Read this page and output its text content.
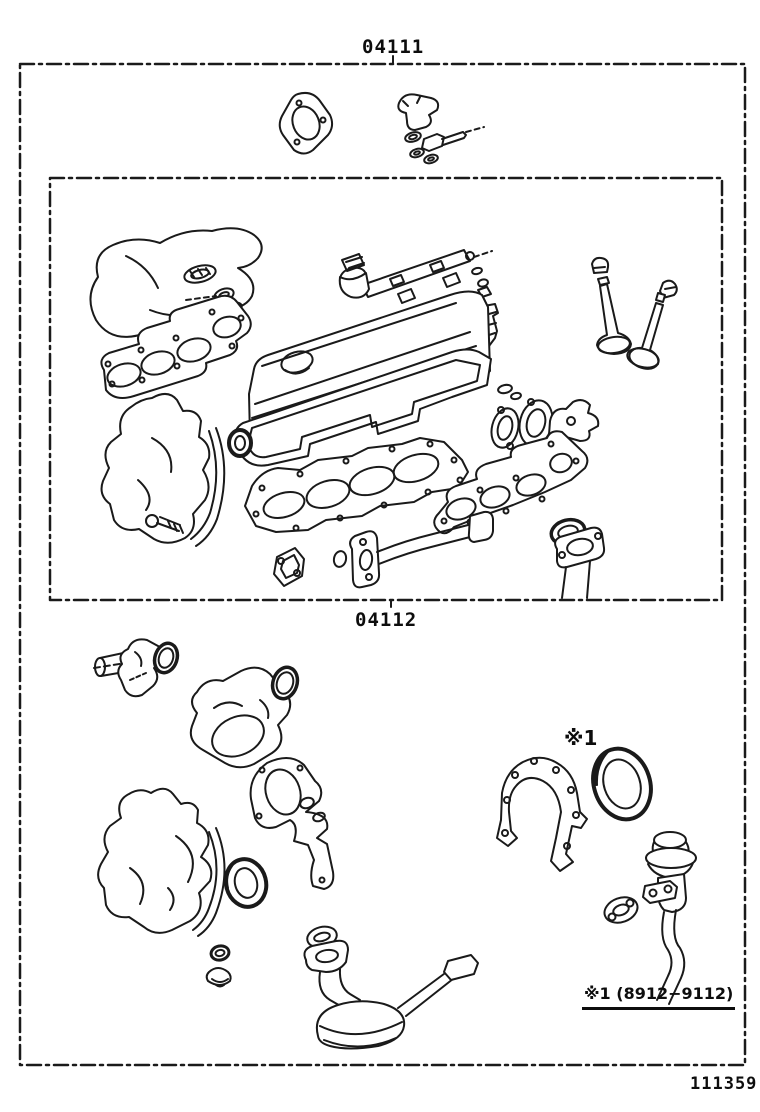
04111
04112
※1
※1 (8912−9112)
111359
